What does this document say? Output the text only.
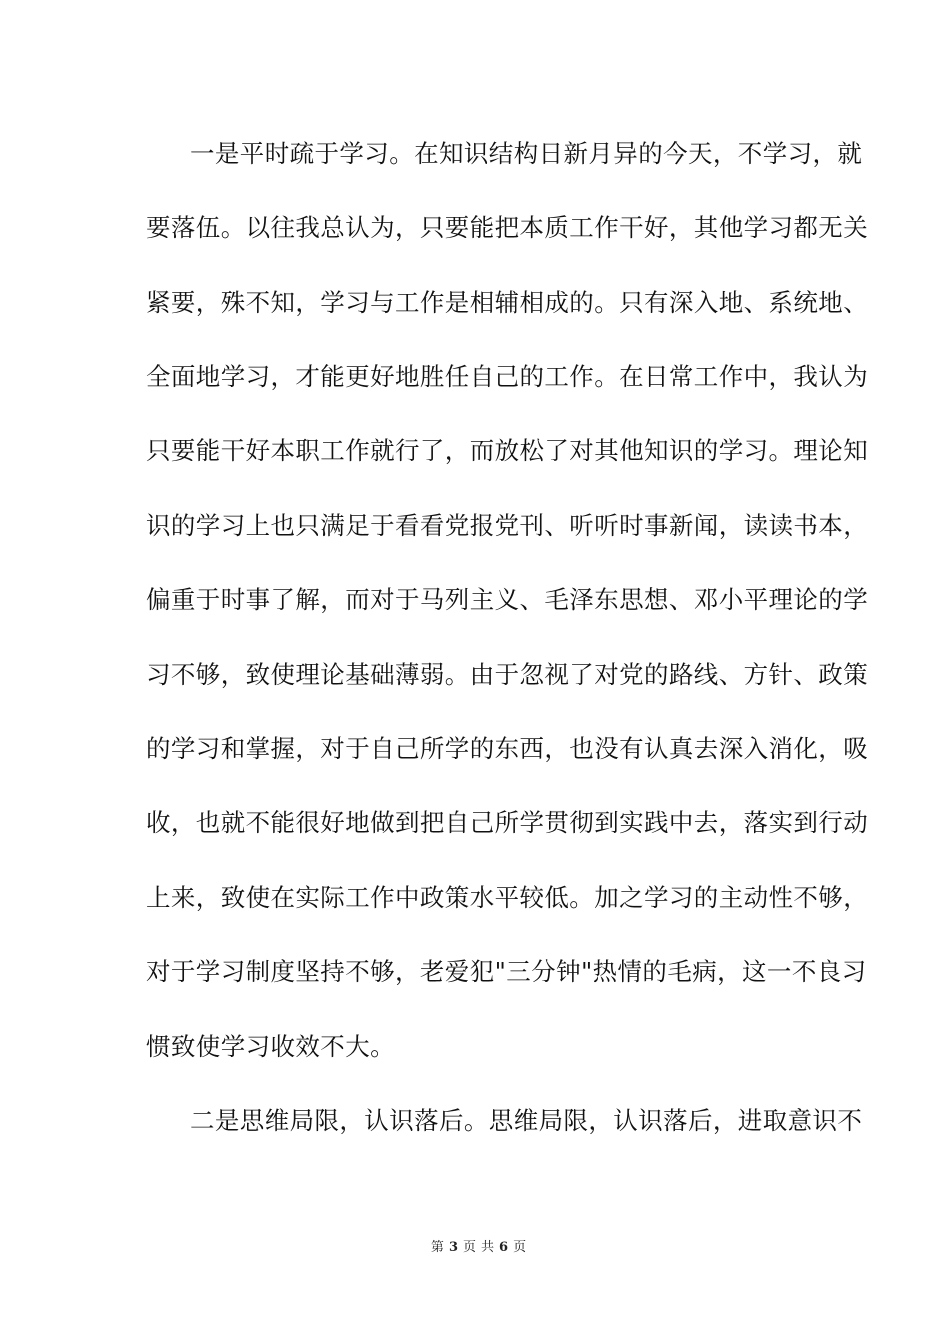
一是平时疏于学习。在知识结构日新月异的今天，不学习，就
要落伍。以往我总认为，只要能把本质工作干好，其他学习都无关
紧要，殊不知，学习与工作是相辅相成的。只有深入地、系统地、
全面地学习，才能更好地胜任自己的工作。在日常工作中，我认为
只要能干好本职工作就行了，而放松了对其他知识的学习。理论知
识的学习上也只满足于看看党报党刊、听听时事新闻，读读书本，
偏重于时事了解，而对于马列主义、毛泽东思想、邓小平理论的学
习不够，致使理论基础薄弱。由于忽视了对党的路线、方针、政策
的学习和掌握，对于自己所学的东西，也没有认真去深入消化，吸
收，也就不能很好地做到把自己所学贯彻到实践中去，落实到行动
上来，致使在实际工作中政策水平较低。加之学习的主动性不够，
对于学习制度坚持不够，老爱犯"三分钟"热情的毛病，这一不良习
惯致使学习收效不大。
二是思维局限，认识落后。思维局限，认识落后，进取意识不
第 3 页 共 6 页
